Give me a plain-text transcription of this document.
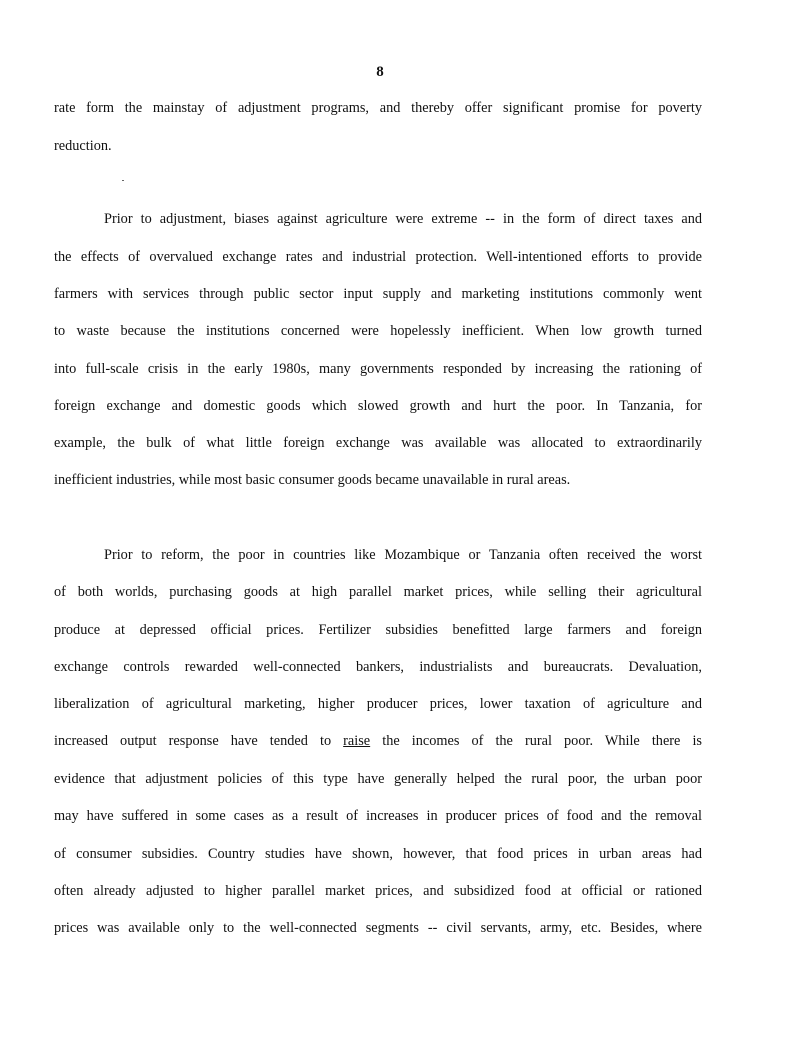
8
rate form the mainstay of adjustment programs, and thereby offer significant promise for poverty
reduction.
Prior to adjustment, biases against agriculture were extreme -- in the form of direct taxes and
the effects of overvalued exchange rates and industrial protection. Well-intentioned efforts to provide
farmers with services through public sector input supply and marketing institutions commonly went
to waste because the institutions concerned were hopelessly inefficient. When low growth turned
into full-scale crisis in the early 1980s, many governments responded by increasing the rationing of
foreign exchange and domestic goods which slowed growth and hurt the poor. In Tanzania, for
example, the bulk of what little foreign exchange was available was allocated to extraordinarily
inefficient industries, while most basic consumer goods became unavailable in rural areas.
Prior to reform, the poor in countries like Mozambique or Tanzania often received the worst
of both worlds, purchasing goods at high parallel market prices, while selling their agricultural
produce at depressed official prices. Fertilizer subsidies benefitted large farmers and foreign
exchange controls rewarded well-connected bankers, industrialists and bureaucrats. Devaluation,
liberalization of agricultural marketing, higher producer prices, lower taxation of agriculture and
increased output response have tended to raise the incomes of the rural poor. While there is
evidence that adjustment policies of this type have generally helped the rural poor, the urban poor
may have suffered in some cases as a result of increases in producer prices of food and the removal
of consumer subsidies. Country studies have shown, however, that food prices in urban areas had
often already adjusted to higher parallel market prices, and subsidized food at official or rationed
prices was available only to the well-connected segments -- civil servants, army, etc. Besides, where
